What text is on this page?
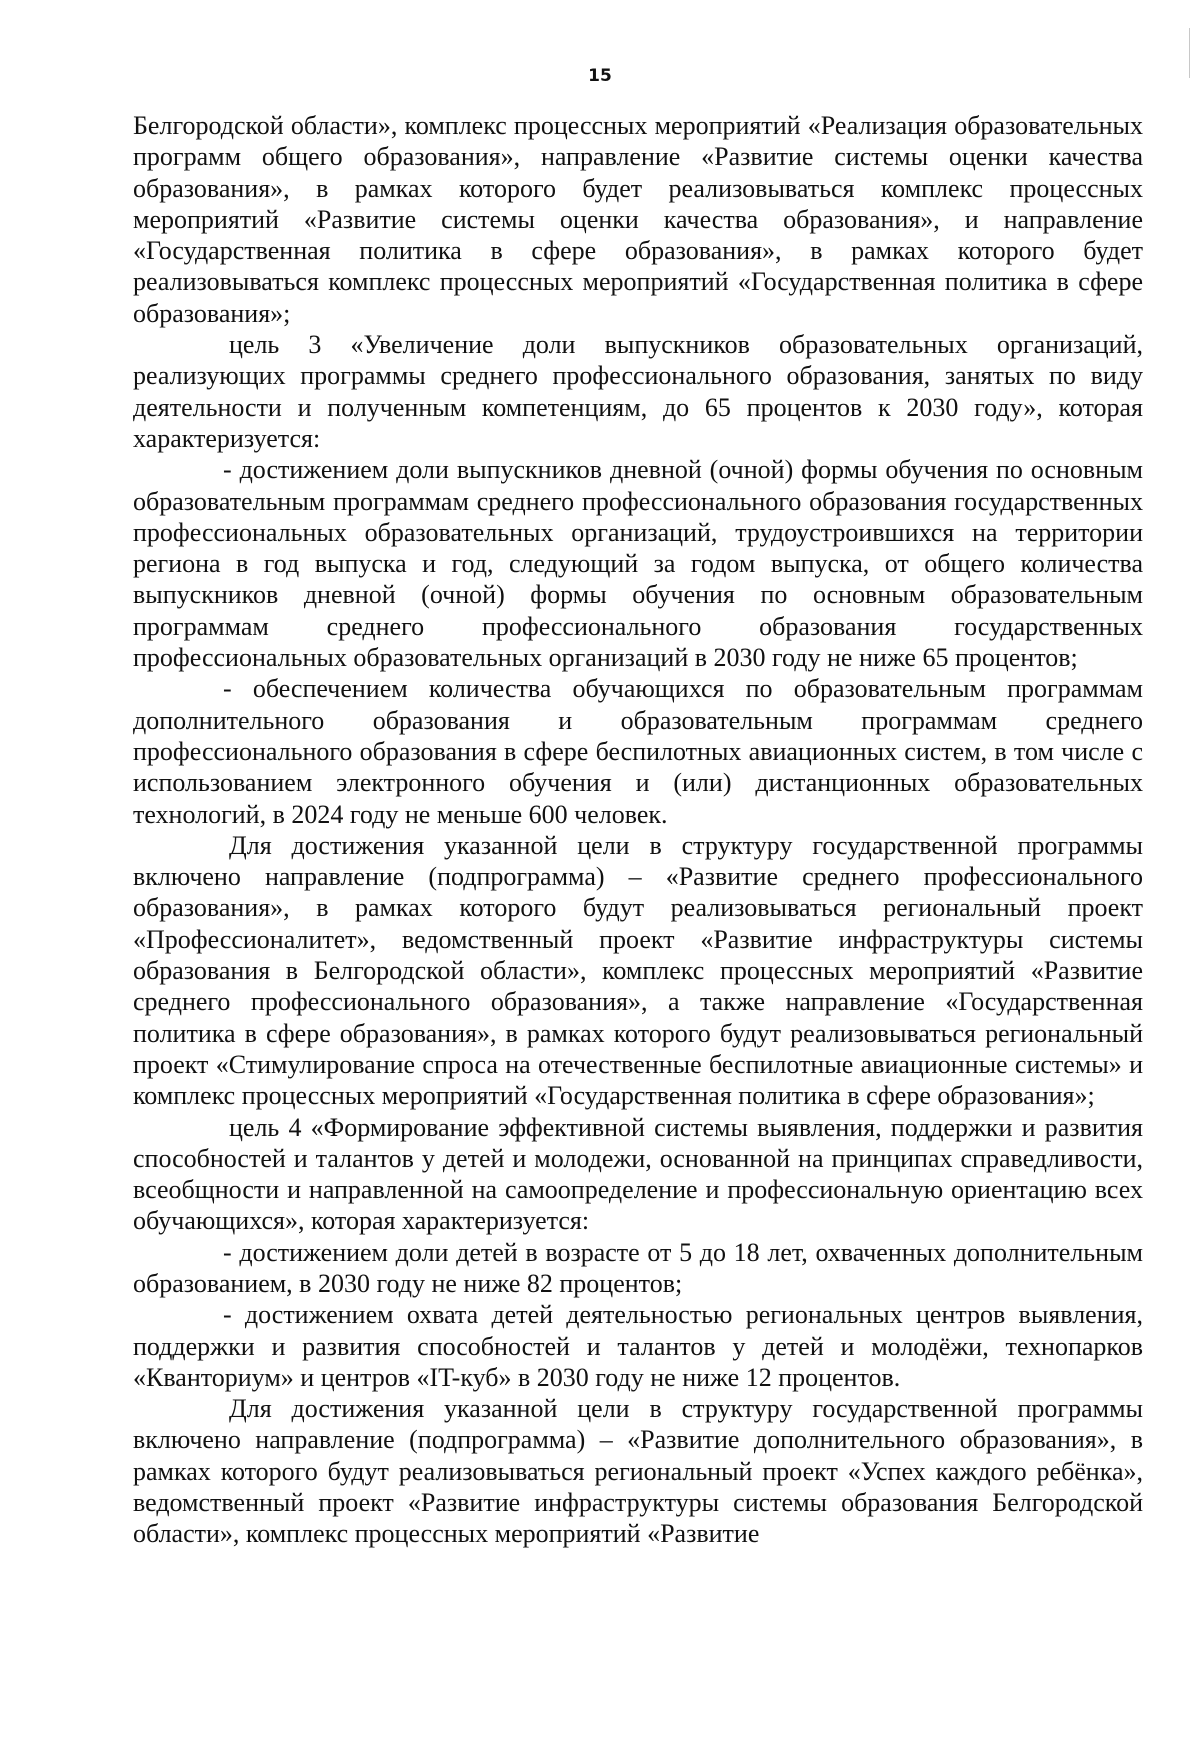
15

Белгородской области», комплекс процессных мероприятий «Реализация образовательных программ общего образования», направление «Развитие системы оценки качества образования», в рамках которого будет реализовываться комплекс процессных мероприятий «Развитие системы оценки качества образования», и направление «Государственная политика в сфере образования», в рамках которого будет реализовываться комплекс процессных мероприятий «Государственная политика в сфере образования»;

цель 3 «Увеличение доли выпускников образовательных организаций, реализующих программы среднего профессионального образования, занятых по виду деятельности и полученным компетенциям, до 65 процентов к 2030 году», которая характеризуется:

- достижением доли выпускников дневной (очной) формы обучения по основным образовательным программам среднего профессионального образования государственных профессиональных образовательных организаций, трудоустроившихся на территории региона в год выпуска и год, следующий за годом выпуска, от общего количества выпускников дневной (очной) формы обучения по основным образовательным программам среднего профессионального образования государственных профессиональных образовательных организаций в 2030 году не ниже 65 процентов;

- обеспечением количества обучающихся по образовательным программам дополнительного образования и образовательным программам среднего профессионального образования в сфере беспилотных авиационных систем, в том числе с использованием электронного обучения и (или) дистанционных образовательных технологий, в 2024 году не меньше 600 человек.

Для достижения указанной цели в структуру государственной программы включено направление (подпрограмма) – «Развитие среднего профессионального образования», в рамках которого будут реализовываться региональный проект «Профессионалитет», ведомственный проект «Развитие инфраструктуры системы образования в Белгородской области», комплекс процессных мероприятий «Развитие среднего профессионального образования», а также направление «Государственная политика в сфере образования», в рамках которого будут реализовываться региональный проект «Стимулирование спроса на отечественные беспилотные авиационные системы» и комплекс процессных мероприятий «Государственная политика в сфере образования»;

цель 4 «Формирование эффективной системы выявления, поддержки и развития способностей и талантов у детей и молодежи, основанной на принципах справедливости, всеобщности и направленной на самоопределение и профессиональную ориентацию всех обучающихся», которая характеризуется:

- достижением доли детей в возрасте от 5 до 18 лет, охваченных дополнительным образованием, в 2030 году не ниже 82 процентов;

- достижением охвата детей деятельностью региональных центров выявления, поддержки и развития способностей и талантов у детей и молодёжи, технопарков «Кванториум» и центров «IT-куб» в 2030 году не ниже 12 процентов.

Для достижения указанной цели в структуру государственной программы включено направление (подпрограмма) – «Развитие дополнительного образования», в рамках которого будут реализовываться региональный проект «Успех каждого ребёнка», ведомственный проект «Развитие инфраструктуры системы образования Белгородской области», комплекс процессных мероприятий «Развитие
